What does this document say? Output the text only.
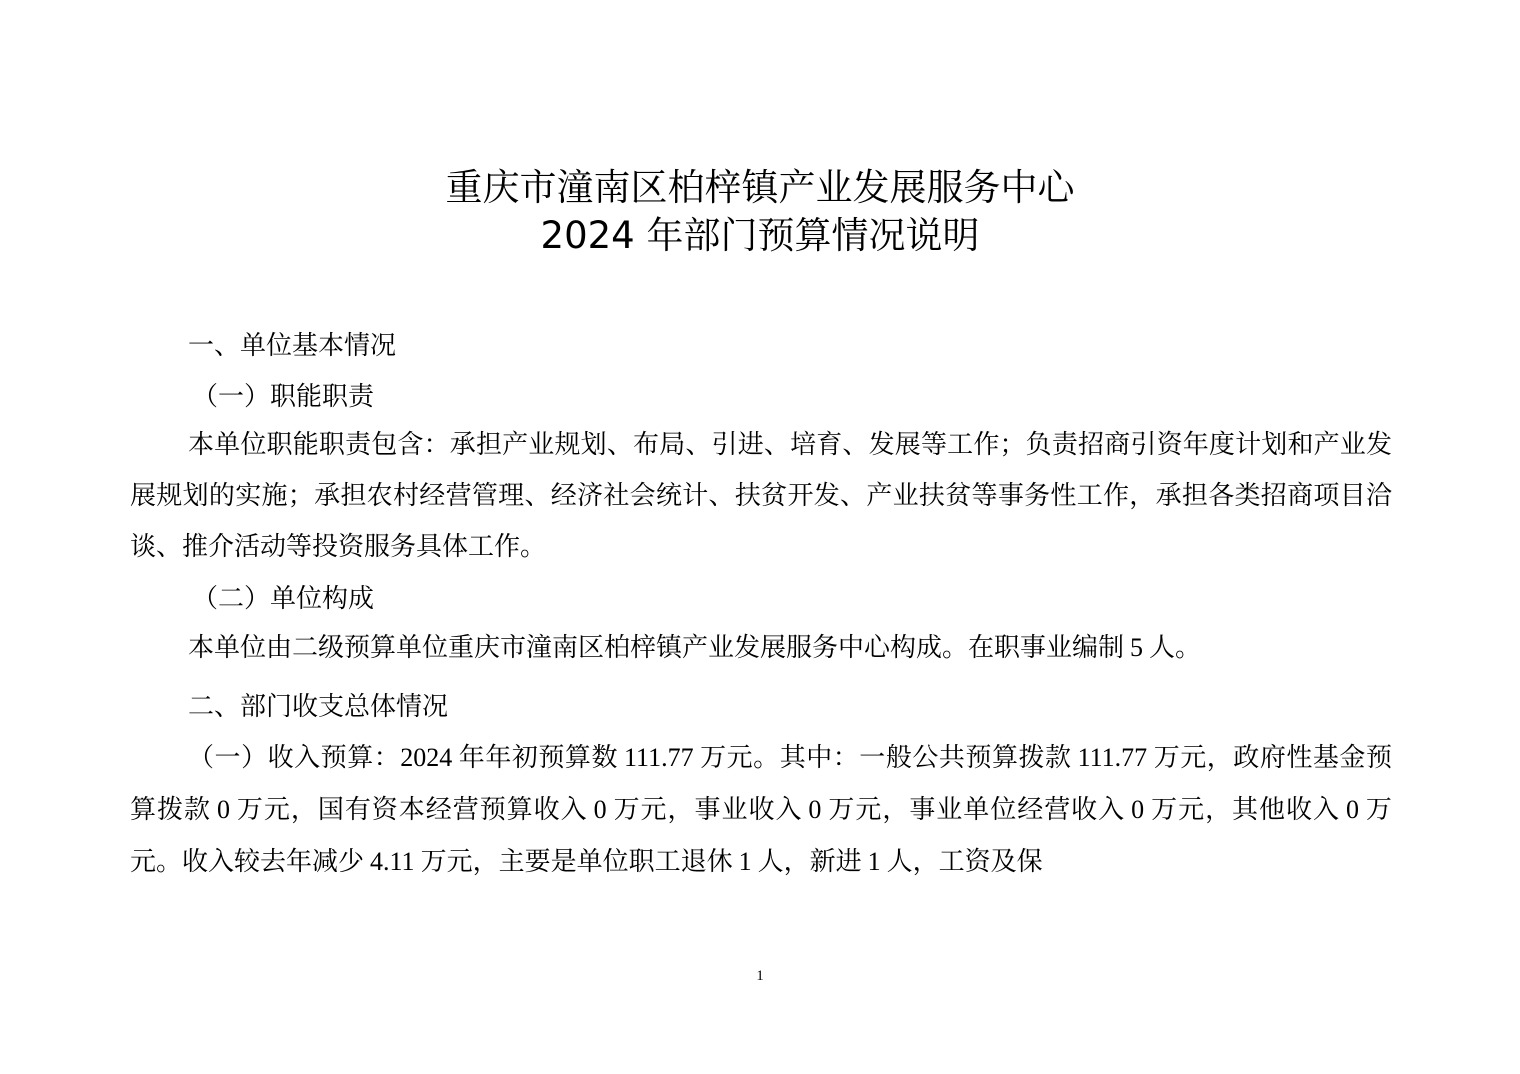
重庆市潼南区柏梓镇产业发展服务中心
2024 年部门预算情况说明
一、单位基本情况
（一）职能职责
本单位职能职责包含：承担产业规划、布局、引进、培育、发展等工作；负责招商引资年度计划和产业发展规划的实施；承担农村经营管理、经济社会统计、扶贫开发、产业扶贫等事务性工作，承担各类招商项目洽谈、推介活动等投资服务具体工作。
（二）单位构成
本单位由二级预算单位重庆市潼南区柏梓镇产业发展服务中心构成。在职事业编制 5 人。
二、部门收支总体情况
（一）收入预算：2024 年年初预算数 111.77 万元。其中：一般公共预算拨款 111.77 万元，政府性基金预算拨款 0 万元，国有资本经营预算收入 0 万元，事业收入 0 万元，事业单位经营收入 0 万元，其他收入 0 万元。收入较去年减少 4.11 万元，主要是单位职工退休 1 人，新进 1 人，工资及保
1
